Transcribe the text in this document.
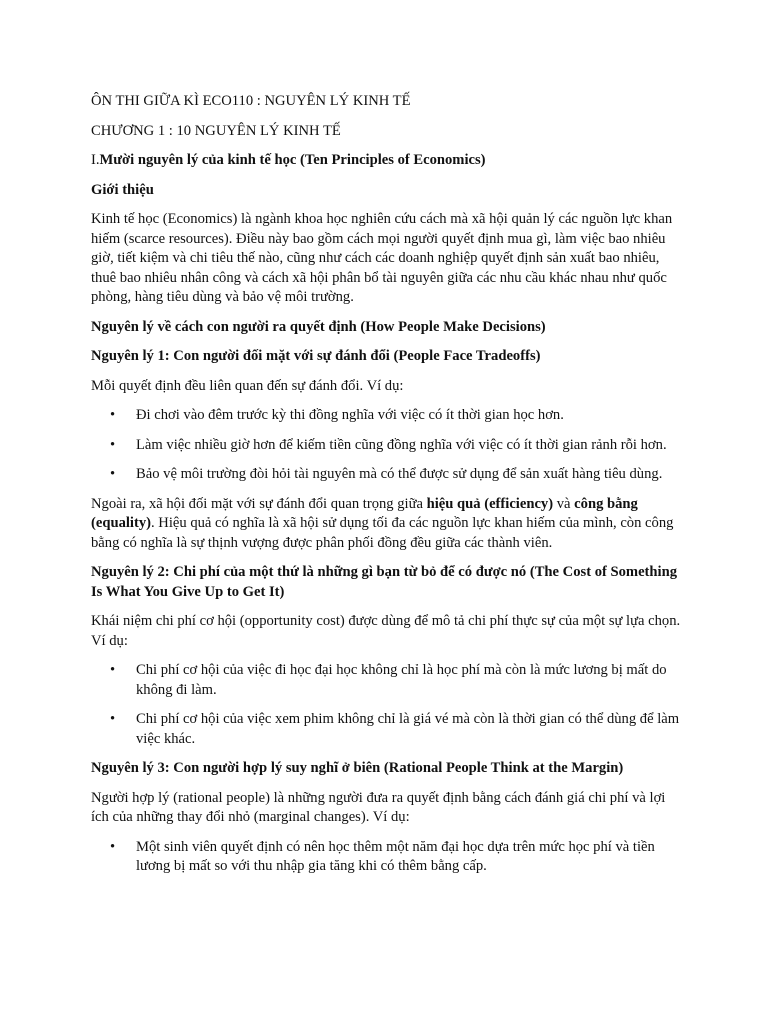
ÔN THI GIỮA KÌ ECO110 : NGUYÊN LÝ KINH TẾ

CHƯƠNG 1 : 10 NGUYÊN LÝ KINH TẾ

I.Mười nguyên lý của kinh tế học (Ten Principles of Economics)

Giới thiệu

Kinh tế học (Economics) là ngành khoa học nghiên cứu cách mà xã hội quản lý các nguồn lực khan hiếm (scarce resources). Điều này bao gồm cách mọi người quyết định mua gì, làm việc bao nhiêu giờ, tiết kiệm và chi tiêu thế nào, cũng như cách các doanh nghiệp quyết định sản xuất bao nhiêu, thuê bao nhiêu nhân công và cách xã hội phân bổ tài nguyên giữa các nhu cầu khác nhau như quốc phòng, hàng tiêu dùng và bảo vệ môi trường.

Nguyên lý về cách con người ra quyết định (How People Make Decisions)

Nguyên lý 1: Con người đối mặt với sự đánh đổi (People Face Tradeoffs)

Mỗi quyết định đều liên quan đến sự đánh đổi. Ví dụ:

• Đi chơi vào đêm trước kỳ thi đồng nghĩa với việc có ít thời gian học hơn.
• Làm việc nhiều giờ hơn để kiếm tiền cũng đồng nghĩa với việc có ít thời gian rảnh rỗi hơn.
• Bảo vệ môi trường đòi hỏi tài nguyên mà có thể được sử dụng để sản xuất hàng tiêu dùng.

Ngoài ra, xã hội đối mặt với sự đánh đổi quan trọng giữa hiệu quả (efficiency) và công bằng (equality). Hiệu quả có nghĩa là xã hội sử dụng tối đa các nguồn lực khan hiếm của mình, còn công bằng có nghĩa là sự thịnh vượng được phân phối đồng đều giữa các thành viên.

Nguyên lý 2: Chi phí của một thứ là những gì bạn từ bỏ để có được nó (The Cost of Something Is What You Give Up to Get It)

Khái niệm chi phí cơ hội (opportunity cost) được dùng để mô tả chi phí thực sự của một sự lựa chọn. Ví dụ:

• Chi phí cơ hội của việc đi học đại học không chỉ là học phí mà còn là mức lương bị mất do không đi làm.
• Chi phí cơ hội của việc xem phim không chỉ là giá vé mà còn là thời gian có thể dùng để làm việc khác.

Nguyên lý 3: Con người hợp lý suy nghĩ ở biên (Rational People Think at the Margin)

Người hợp lý (rational people) là những người đưa ra quyết định bằng cách đánh giá chi phí và lợi ích của những thay đổi nhỏ (marginal changes). Ví dụ:

• Một sinh viên quyết định có nên học thêm một năm đại học dựa trên mức học phí và tiền lương bị mất so với thu nhập gia tăng khi có thêm bằng cấp.
